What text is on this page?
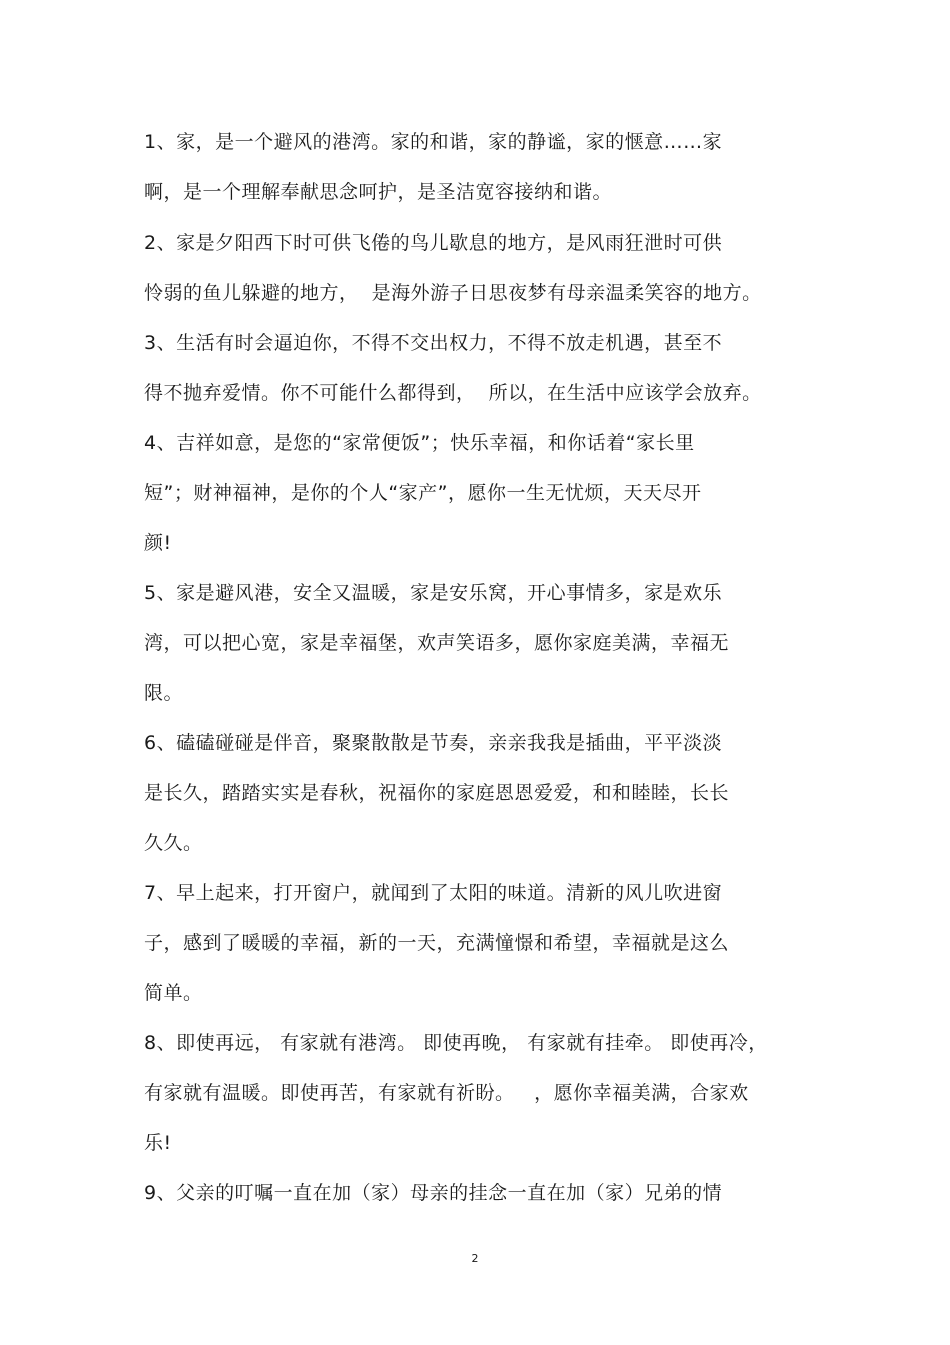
1、家，是一个避风的港湾。家的和谐，家的静谧，家的惬意……家
啊，是一个理解奉献思念呵护，是圣洁宽容接纳和谐。
2、家是夕阳西下时可供飞倦的鸟儿歇息的地方，是风雨狂泄时可供
怜弱的鱼儿躲避的地方，  是海外游子日思夜梦有母亲温柔笑容的地方。
3、生活有时会逼迫你，不得不交出权力，不得不放走机遇，甚至不
得不抛弃爱情。你不可能什么都得到，  所以，在生活中应该学会放弃。
4、吉祥如意，是您的“家常便饭”；快乐幸福，和你话着“家长里
短”；财神福神，是你的个人“家产”，愿你一生无忧烦，天天尽开
颜!
5、家是避风港，安全又温暖，家是安乐窝，开心事情多，家是欢乐
湾，可以把心宽，家是幸福堡，欢声笑语多，愿你家庭美满，幸福无
限。
6、磕磕碰碰是伴音，聚聚散散是节奏，亲亲我我是插曲，平平淡淡
是长久，踏踏实实是春秋，祝福你的家庭恩恩爱爱，和和睦睦，长长
久久。
7、早上起来，打开窗户，就闻到了太阳的味道。清新的风儿吹进窗
子，感到了暖暖的幸福，新的一天，充满憧憬和希望，幸福就是这么
简单。
8、即使再远， 有家就有港湾。 即使再晚， 有家就有挂牵。 即使再冷，
有家就有温暖。即使再苦，有家就有祈盼。   ，愿你幸福美满，合家欢
乐!
9、父亲的叮嘱一直在加（家）母亲的挂念一直在加（家）兄弟的情
2
